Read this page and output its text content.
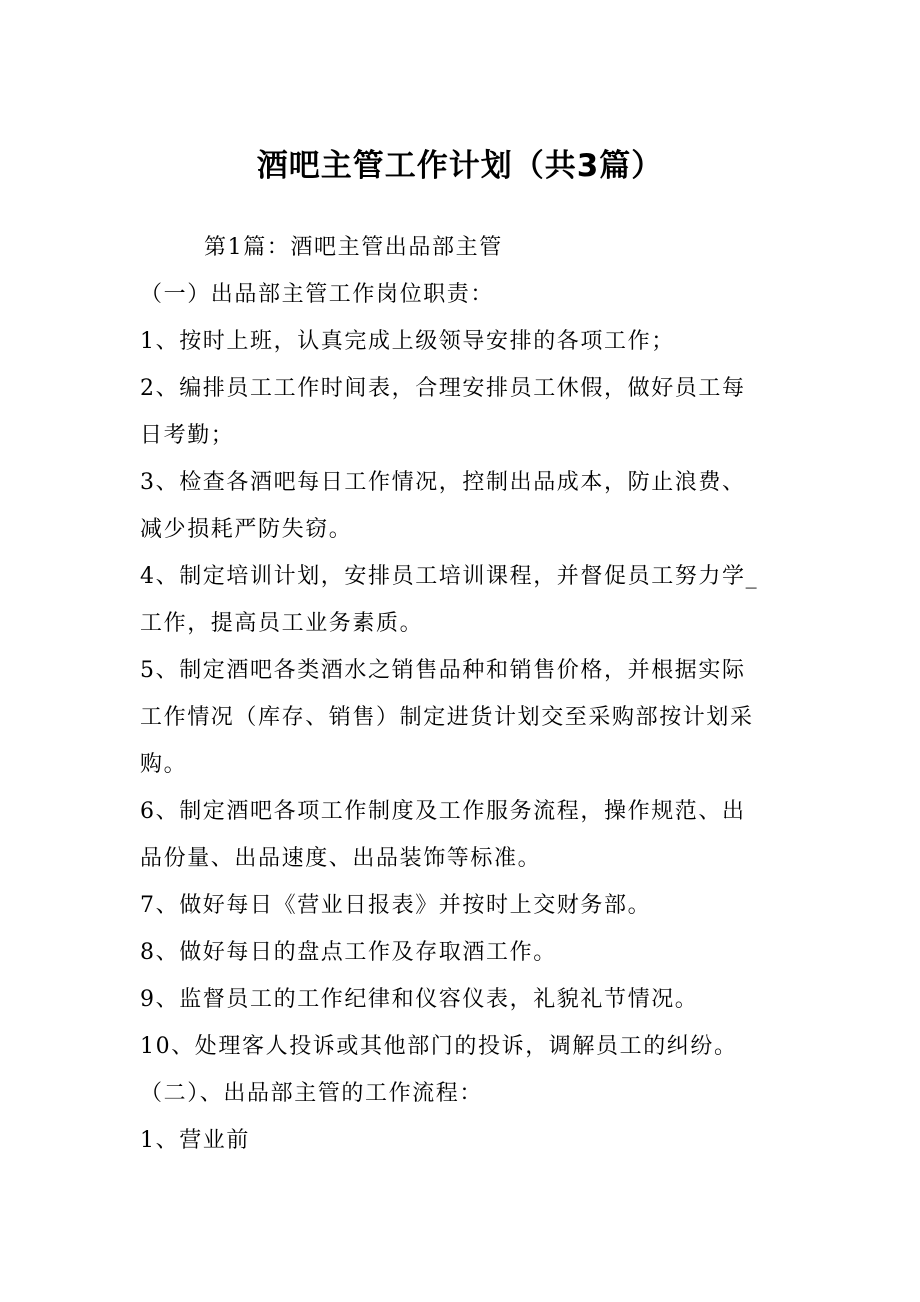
酒吧主管工作计划（共3篇）
第1篇：酒吧主管出品部主管
（一）出品部主管工作岗位职责：
1、按时上班，认真完成上级领导安排的各项工作；
2、编排员工工作时间表，合理安排员工休假，做好员工每
日考勤；
3、检查各酒吧每日工作情况，控制出品成本，防止浪费、
减少损耗严防失窃。
4、制定培训计划，安排员工培训课程，并督促员工努力学_
工作，提高员工业务素质。
5、制定酒吧各类酒水之销售品种和销售价格，并根据实际
工作情况（库存、销售）制定进货计划交至采购部按计划采
购。
6、制定酒吧各项工作制度及工作服务流程，操作规范、出
品份量、出品速度、出品装饰等标准。
7、做好每日《营业日报表》并按时上交财务部。
8、做好每日的盘点工作及存取酒工作。
9、监督员工的工作纪律和仪容仪表，礼貌礼节情况。
10、处理客人投诉或其他部门的投诉，调解员工的纠纷。
（二）、出品部主管的工作流程：
1、营业前
